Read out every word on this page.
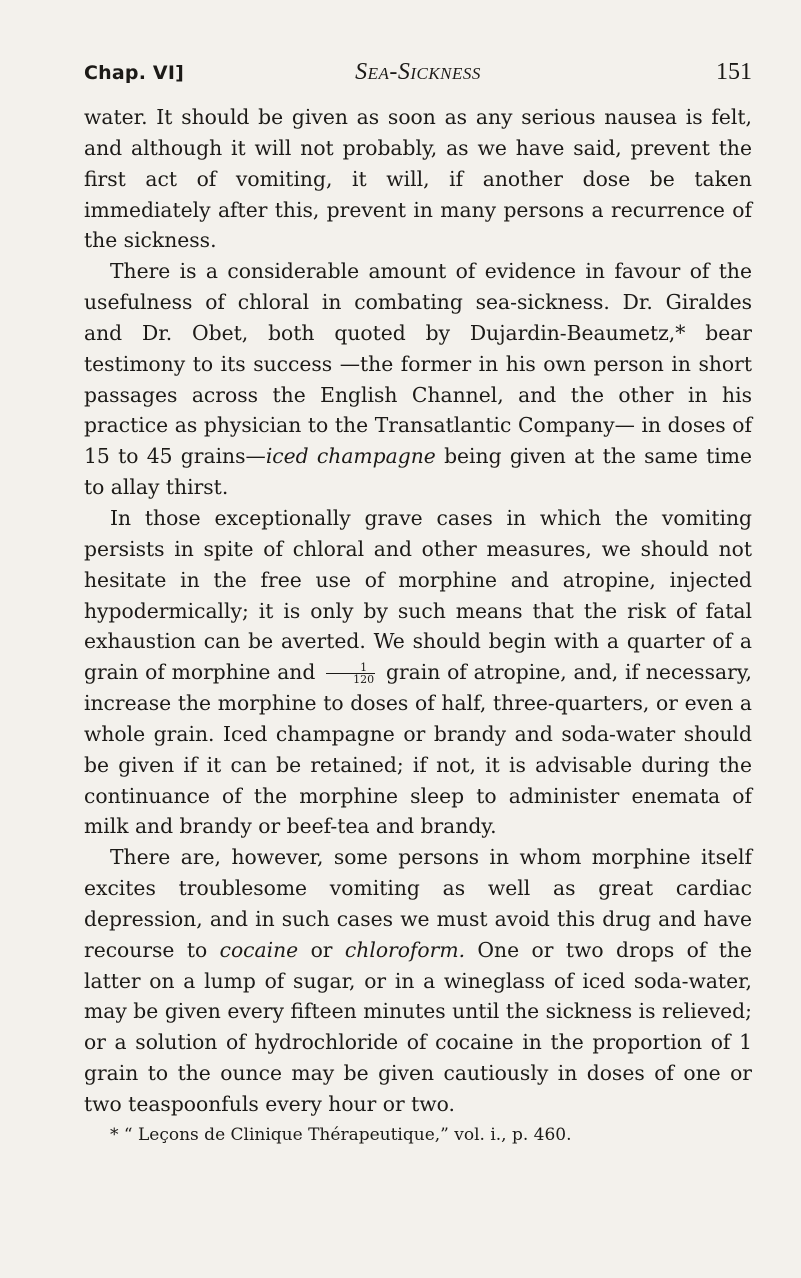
Chap. VI]	Sea-Sickness	151

water. It should be given as soon as any serious nausea is felt, and although it will not probably, as we have said, prevent the first act of vomiting, it will, if another dose be taken immediately after this, prevent in many persons a recurrence of the sickness.

There is a considerable amount of evidence in favour of the usefulness of chloral in combating sea-sickness. Dr. Giraldes and Dr. Obet, both quoted by Dujardin-Beaumetz,* bear testimony to its success —the former in his own person in short passages across the English Channel, and the other in his practice as physician to the Transatlantic Company— in doses of 15 to 45 grains—iced champagne being given at the same time to allay thirst.

In those exceptionally grave cases in which the vomiting persists in spite of chloral and other measures, we should not hesitate in the free use of morphine and atropine, injected hypodermically; it is only by such means that the risk of fatal exhaustion can be averted. We should begin with a quarter of a grain of morphine and $\frac{1}{120}$ grain of atropine, and, if necessary, increase the morphine to doses of half, three-quarters, or even a whole grain. Iced champagne or brandy and soda-water should be given if it can be retained; if not, it is advisable during the continuance of the morphine sleep to administer enemata of milk and brandy or beef-tea and brandy.

There are, however, some persons in whom morphine itself excites troublesome vomiting as well as great cardiac depression, and in such cases we must avoid this drug and have recourse to cocaine or chloroform. One or two drops of the latter on a lump of sugar, or in a wineglass of iced soda-water, may be given every fifteen minutes until the sickness is relieved; or a solution of hydrochloride of cocaine in the proportion of 1 grain to the ounce may be given cautiously in doses of one or two teaspoonfuls every hour or two.

* “ Leçons de Clinique Thérapeutique,” vol. i., p. 460.
